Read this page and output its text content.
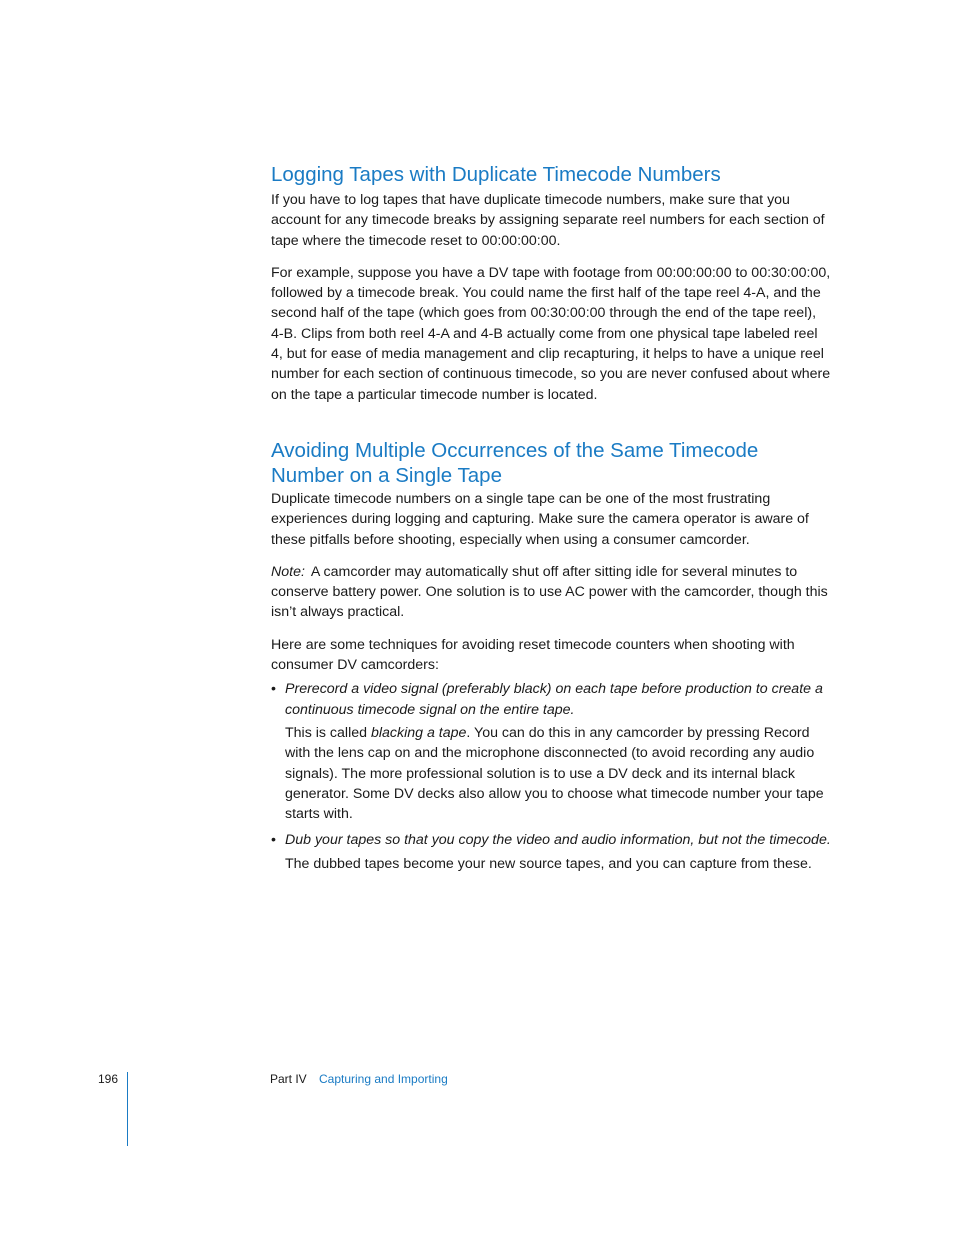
Logging Tapes with Duplicate Timecode Numbers

If you have to log tapes that have duplicate timecode numbers, make sure that you account for any timecode breaks by assigning separate reel numbers for each section of tape where the timecode reset to 00:00:00:00.

For example, suppose you have a DV tape with footage from 00:00:00:00 to 00:30:00:00, followed by a timecode break. You could name the first half of the tape reel 4-A, and the second half of the tape (which goes from 00:30:00:00 through the end of the tape reel), 4-B. Clips from both reel 4-A and 4-B actually come from one physical tape labeled reel 4, but for ease of media management and clip recapturing, it helps to have a unique reel number for each section of continuous timecode, so you are never confused about where on the tape a particular timecode number is located.

Avoiding Multiple Occurrences of the Same Timecode
Number on a Single Tape

Duplicate timecode numbers on a single tape can be one of the most frustrating experiences during logging and capturing. Make sure the camera operator is aware of these pitfalls before shooting, especially when using a consumer camcorder.

Note: A camcorder may automatically shut off after sitting idle for several minutes to conserve battery power. One solution is to use AC power with the camcorder, though this isn’t always practical.

Here are some techniques for avoiding reset timecode counters when shooting with consumer DV camcorders:

• Prerecord a video signal (preferably black) on each tape before production to create a continuous timecode signal on the entire tape.
This is called blacking a tape. You can do this in any camcorder by pressing Record with the lens cap on and the microphone disconnected (to avoid recording any audio signals). The more professional solution is to use a DV deck and its internal black generator. Some DV decks also allow you to choose what timecode number your tape starts with.
• Dub your tapes so that you copy the video and audio information, but not the timecode.
The dubbed tapes become your new source tapes, and you can capture from these.
196	Part IV Capturing and Importing
